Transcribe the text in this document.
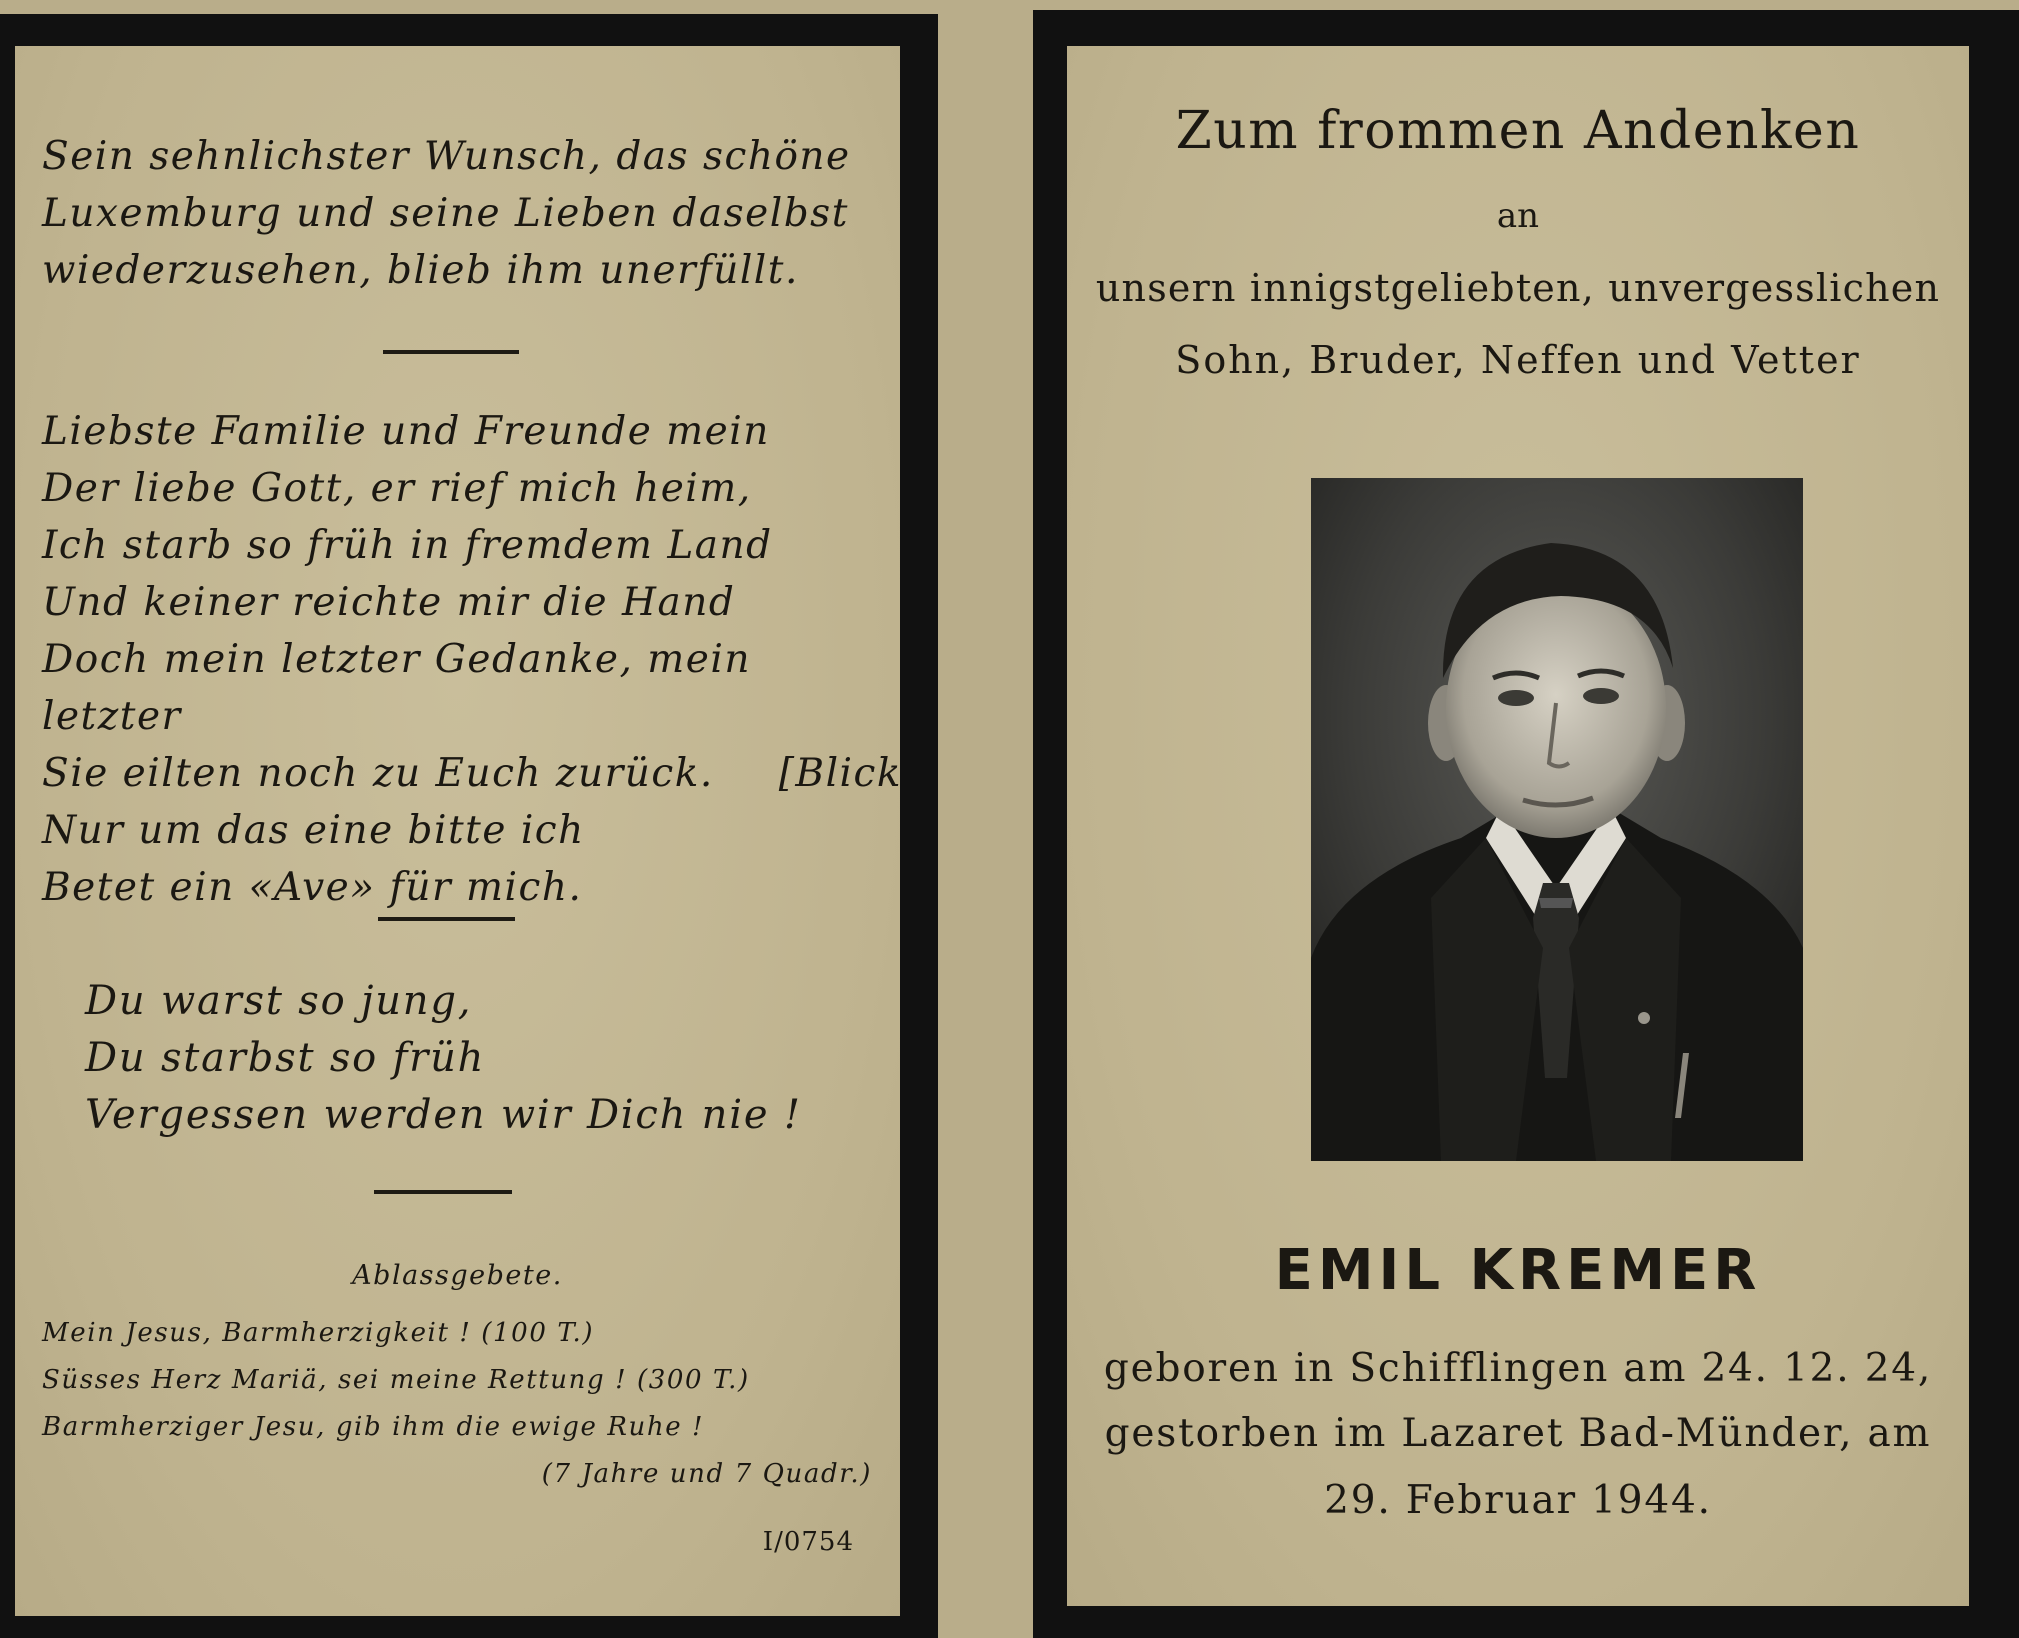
Sein sehnlichster Wunsch, das schöne

Luxemburg und seine Lieben daselbst

wiederzusehen, blieb ihm unerfüllt.

Liebste Familie und Freunde mein

Der liebe Gott, er rief mich heim,

Ich starb so früh in fremdem Land

Und keiner reichte mir die Hand

Doch mein letzter Gedanke, mein letzter

Sie eilten noch zu Euch zurück. [Blick

Nur um das eine bitte ich

Betet ein «Ave» für mich.

Du warst so jung,

Du starbst so früh

Vergessen werden wir Dich nie !

Ablassgebete.

Mein Jesus, Barmherzigkeit ! (100 T.)

Süsses Herz Mariä, sei meine Rettung ! (300 T.)

Barmherziger Jesu, gib ihm die ewige Ruhe !

(7 Jahre und 7 Quadr.)

I/0754

Zum frommen Andenken

an

unsern innigstgeliebten, unvergesslichen

Sohn, Bruder, Neffen und Vetter

EMIL KREMER

geboren in Schifflingen am 24. 12. 24,

gestorben im Lazaret Bad-Münder, am

29. Februar 1944.
